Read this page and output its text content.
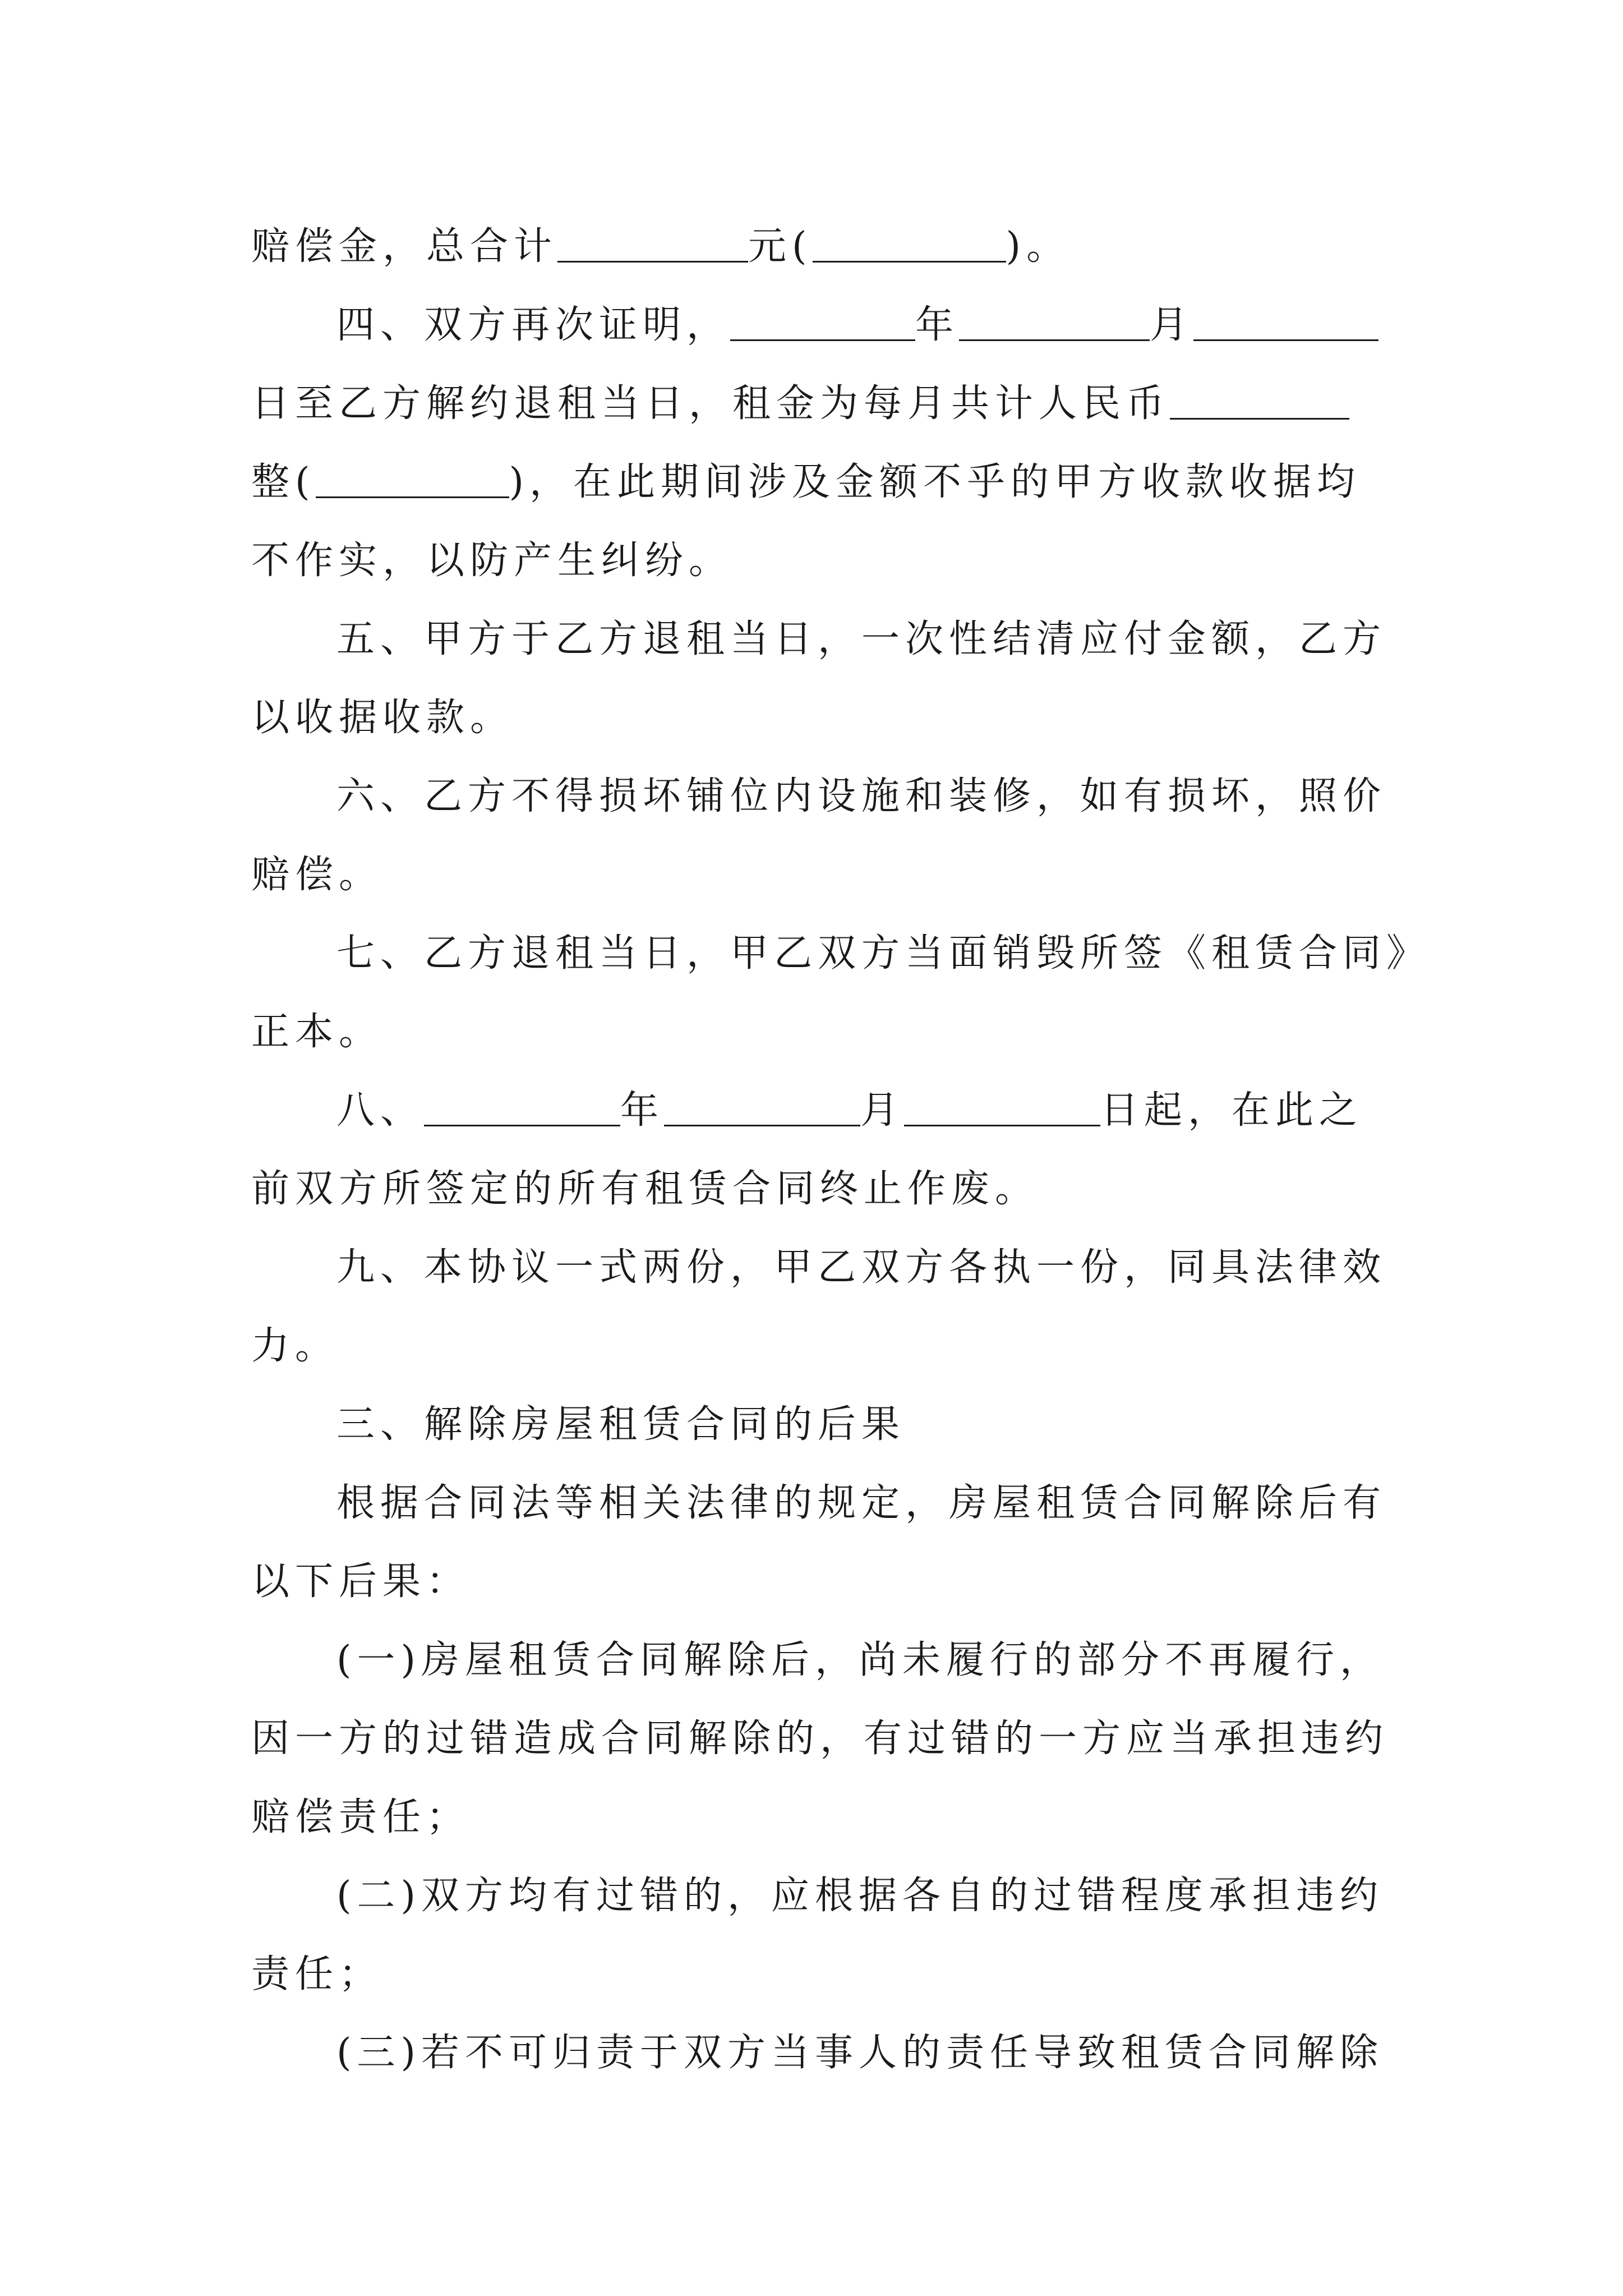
赔偿金，总合计	元(	)。
四、双方再次证明，	年	月
日至乙方解约退租当日，租金为每月共计人民币
整(	)，在此期间涉及金额不乎的甲方收款收据均
不作实，以防产生纠纷。
五、甲方于乙方退租当日，一次性结清应付金额，乙方
以收据收款。
六、乙方不得损坏铺位内设施和装修，如有损坏，照价
赔偿。
七、乙方退租当日，甲乙双方当面销毁所签《租赁合同》
正本。
八、	年	月	日起，在此之
前双方所签定的所有租赁合同终止作废。
九、本协议一式两份，甲乙双方各执一份，同具法律效
力。
三、解除房屋租赁合同的后果
根据合同法等相关法律的规定，房屋租赁合同解除后有
以下后果：
(一)房屋租赁合同解除后，尚未履行的部分不再履行，
因一方的过错造成合同解除的，有过错的一方应当承担违约
赔偿责任；
(二)双方均有过错的，应根据各自的过错程度承担违约
责任；
(三)若不可归责于双方当事人的责任导致租赁合同解除
